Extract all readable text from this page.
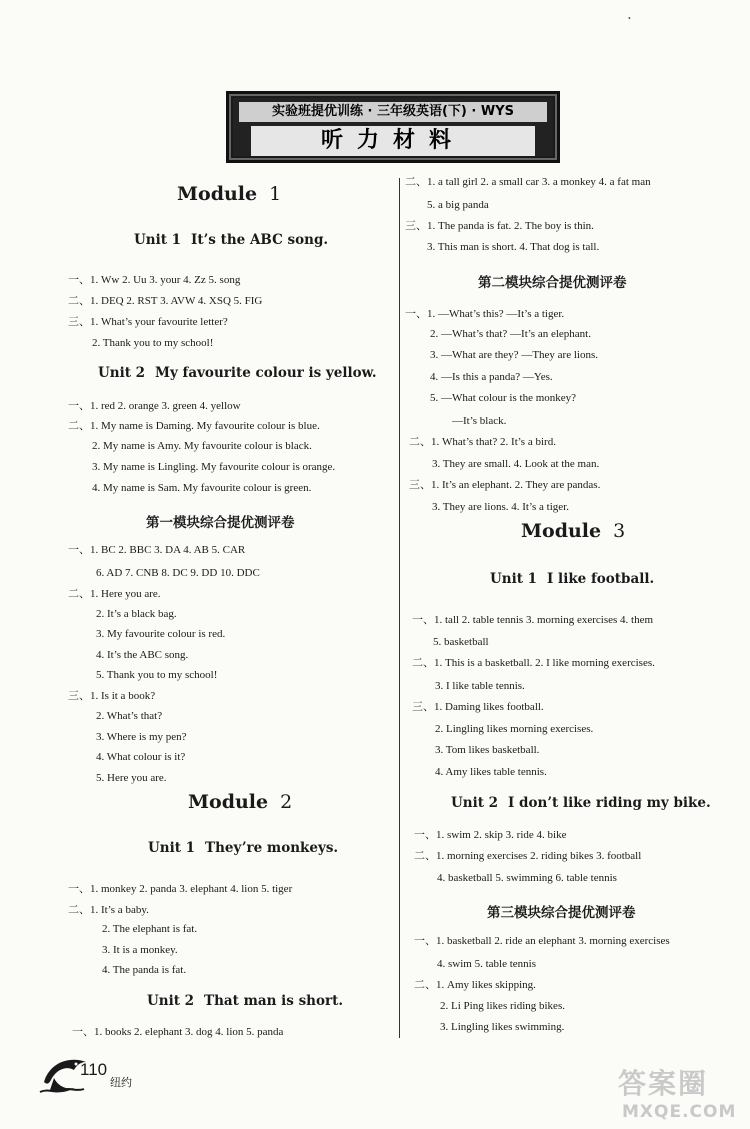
•
实验班提优训练 · 三年级英语(下) · WYS
听力材料
Module 1
Unit 1 It’s the ABC song.
一、1. Ww 2. Uu 3. your 4. Zz 5. song
二、1. DEQ 2. RST 3. AVW 4. XSQ 5. FIG
三、1. What’s your favourite letter?
2. Thank you to my school!
Unit 2 My favourite colour is yellow.
一、1. red 2. orange 3. green 4. yellow
二、1. My name is Daming. My favourite colour is blue.
2. My name is Amy. My favourite colour is black.
3. My name is Lingling. My favourite colour is orange.
4. My name is Sam. My favourite colour is green.
第一模块综合提优测评卷
一、1. BC 2. BBC 3. DA 4. AB 5. CAR
6. AD 7. CNB 8. DC 9. DD 10. DDC
二、1. Here you are.
2. It’s a black bag.
3. My favourite colour is red.
4. It’s the ABC song.
5. Thank you to my school!
三、1. Is it a book?
2. What’s that?
3. Where is my pen?
4. What colour is it?
5. Here you are.
Module 2
Unit 1 They’re monkeys.
一、1. monkey 2. panda 3. elephant 4. lion 5. tiger
二、1. It’s a baby.
2. The elephant is fat.
3. It is a monkey.
4. The panda is fat.
Unit 2 That man is short.
一、1. books 2. elephant 3. dog 4. lion 5. panda
二、1. a tall girl 2. a small car 3. a monkey 4. a fat man
5. a big panda
三、1. The panda is fat. 2. The boy is thin.
3. This man is short. 4. That dog is tall.
第二模块综合提优测评卷
一、1. —What’s this? —It’s a tiger.
2. —What’s that? —It’s an elephant.
3. —What are they? —They are lions.
4. —Is this a panda? —Yes.
5. —What colour is the monkey?
—It’s black.
二、1. What’s that? 2. It’s a bird.
3. They are small. 4. Look at the man.
三、1. It’s an elephant. 2. They are pandas.
3. They are lions. 4. It’s a tiger.
Module 3
Unit 1 I like football.
一、1. tall 2. table tennis 3. morning exercises 4. them
5. basketball
二、1. This is a basketball. 2. I like morning exercises.
3. I like table tennis.
三、1. Daming likes football.
2. Lingling likes morning exercises.
3. Tom likes basketball.
4. Amy likes table tennis.
Unit 2 I don’t like riding my bike.
一、1. swim 2. skip 3. ride 4. bike
二、1. morning exercises 2. riding bikes 3. football
4. basketball 5. swimming 6. table tennis
第三模块综合提优测评卷
一、1. basketball 2. ride an elephant 3. morning exercises
4. swim 5. table tennis
二、1. Amy likes skipping.
2. Li Ping likes riding bikes.
3. Lingling likes swimming.
110
纽约	答案圈
MXQE.COM
